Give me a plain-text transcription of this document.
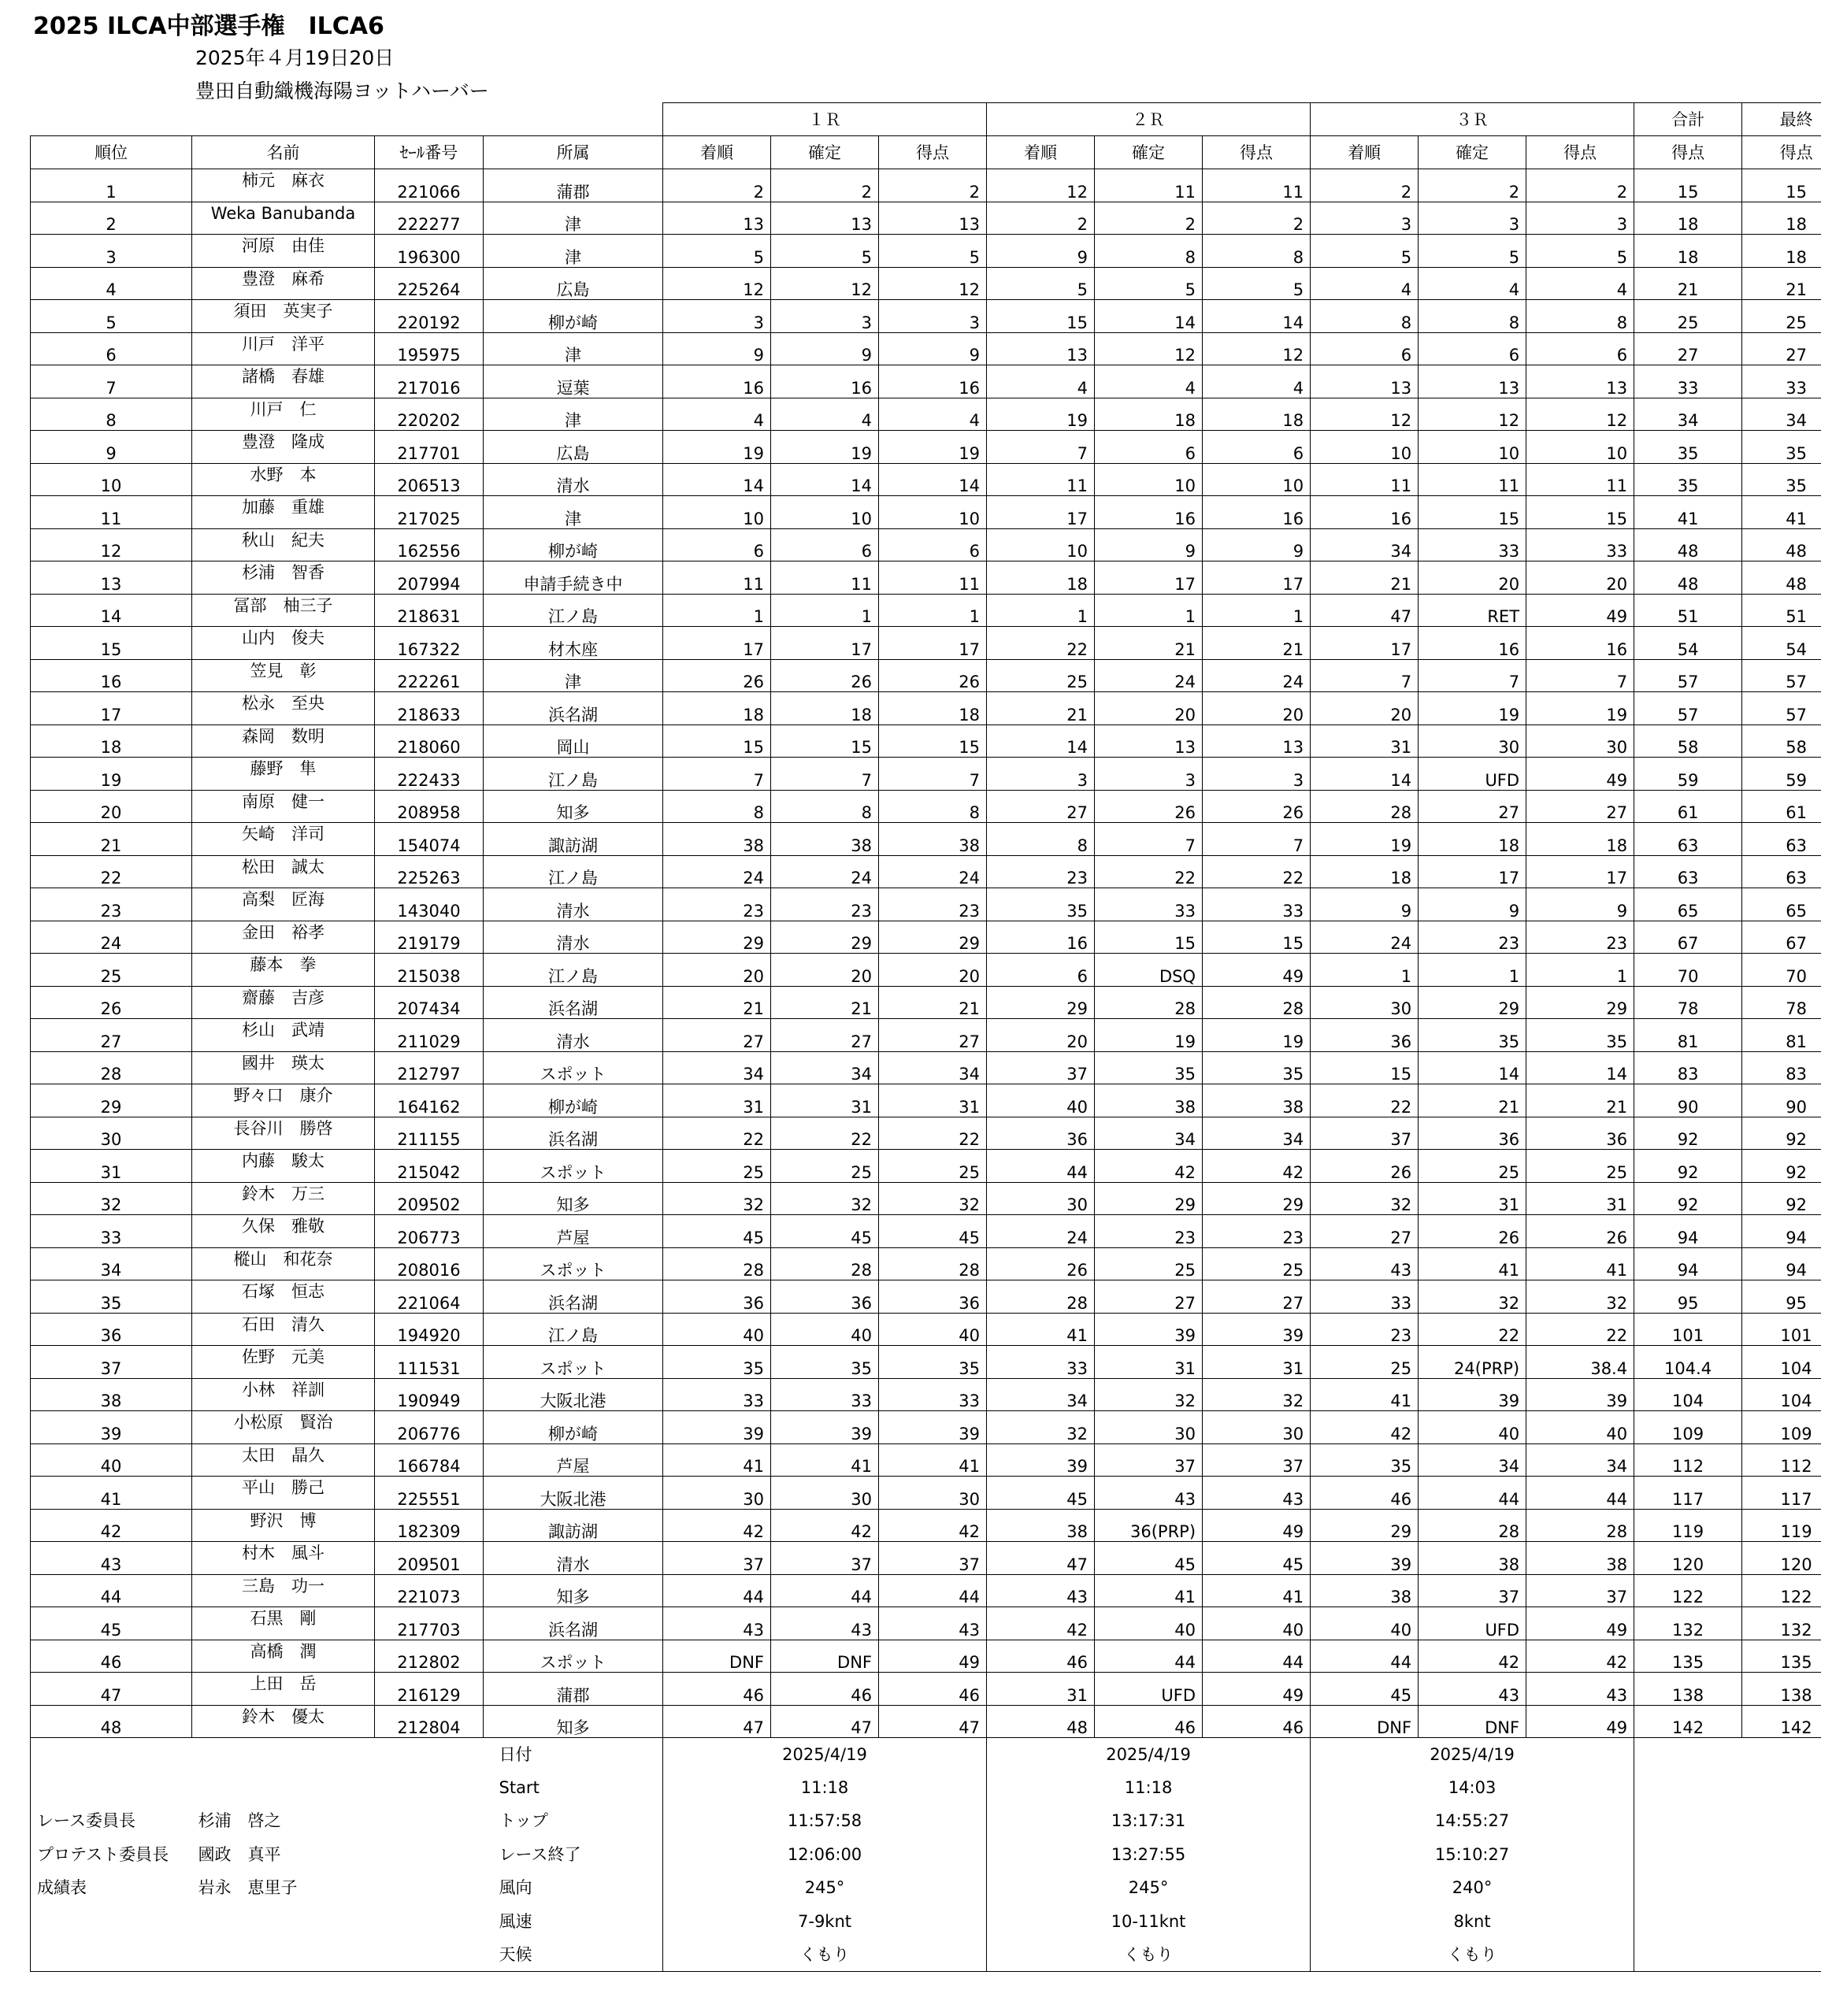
2025 ILCA中部選手権　ILCA6
2025年４月19日20日
豊田自動織機海陽ヨットハーバー
				１Ｒ			２Ｒ			３Ｒ			合計	最終
順位	名前	ｾｰﾙ番号	所属	着順	確定	得点	着順	確定	得点	着順	確定	得点	得点	得点
1	柿元　麻衣	221066	蒲郡	2	2	2	12	11	11	2	2	2	15	15
2	Weka Banubanda	222277	津	13	13	13	2	2	2	3	3	3	18	18
3	河原　由佳	196300	津	5	5	5	9	8	8	5	5	5	18	18
4	豊澄　麻希	225264	広島	12	12	12	5	5	5	4	4	4	21	21
5	須田　英実子	220192	柳が崎	3	3	3	15	14	14	8	8	8	25	25
6	川戸　洋平	195975	津	9	9	9	13	12	12	6	6	6	27	27
7	諸橋　春雄	217016	逗葉	16	16	16	4	4	4	13	13	13	33	33
8	川戸　仁	220202	津	4	4	4	19	18	18	12	12	12	34	34
9	豊澄　隆成	217701	広島	19	19	19	7	6	6	10	10	10	35	35
10	水野　本	206513	清水	14	14	14	11	10	10	11	11	11	35	35
11	加藤　重雄	217025	津	10	10	10	17	16	16	16	15	15	41	41
12	秋山　紀夫	162556	柳が崎	6	6	6	10	9	9	34	33	33	48	48
13	杉浦　智香	207994	申請手続き中	11	11	11	18	17	17	21	20	20	48	48
14	冨部　柚三子	218631	江ノ島	1	1	1	1	1	1	47	RET	49	51	51
15	山内　俊夫	167322	材木座	17	17	17	22	21	21	17	16	16	54	54
16	笠見　彰	222261	津	26	26	26	25	24	24	7	7	7	57	57
17	松永　至央	218633	浜名湖	18	18	18	21	20	20	20	19	19	57	57
18	森岡　数明	218060	岡山	15	15	15	14	13	13	31	30	30	58	58
19	藤野　隼	222433	江ノ島	7	7	7	3	3	3	14	UFD	49	59	59
20	南原　健一	208958	知多	8	8	8	27	26	26	28	27	27	61	61
21	矢崎　洋司	154074	諏訪湖	38	38	38	8	7	7	19	18	18	63	63
22	松田　誠太	225263	江ノ島	24	24	24	23	22	22	18	17	17	63	63
23	高梨　匠海	143040	清水	23	23	23	35	33	33	9	9	9	65	65
24	金田　裕孝	219179	清水	29	29	29	16	15	15	24	23	23	67	67
25	藤本　拳	215038	江ノ島	20	20	20	6	DSQ	49	1	1	1	70	70
26	齋藤　吉彦	207434	浜名湖	21	21	21	29	28	28	30	29	29	78	78
27	杉山　武靖	211029	清水	27	27	27	20	19	19	36	35	35	81	81
28	國井　瑛太	212797	スポット	34	34	34	37	35	35	15	14	14	83	83
29	野々口　康介	164162	柳が崎	31	31	31	40	38	38	22	21	21	90	90
30	長谷川　勝啓	211155	浜名湖	22	22	22	36	34	34	37	36	36	92	92
31	内藤　駿太	215042	スポット	25	25	25	44	42	42	26	25	25	92	92
32	鈴木　万三	209502	知多	32	32	32	30	29	29	32	31	31	92	92
33	久保　雅敬	206773	芦屋	45	45	45	24	23	23	27	26	26	94	94
34	樅山　和花奈	208016	スポット	28	28	28	26	25	25	43	41	41	94	94
35	石塚　恒志	221064	浜名湖	36	36	36	28	27	27	33	32	32	95	95
36	石田　清久	194920	江ノ島	40	40	40	41	39	39	23	22	22	101	101
37	佐野　元美	111531	スポット	35	35	35	33	31	31	25	24(PRP)	38.4	104.4	104
38	小林　祥訓	190949	大阪北港	33	33	33	34	32	32	41	39	39	104	104
39	小松原　賢治	206776	柳が崎	39	39	39	32	30	30	42	40	40	109	109
40	太田　晶久	166784	芦屋	41	41	41	39	37	37	35	34	34	112	112
41	平山　勝己	225551	大阪北港	30	30	30	45	43	43	46	44	44	117	117
42	野沢　博	182309	諏訪湖	42	42	42	38	36(PRP)	49	29	28	28	119	119
43	村木　風斗	209501	清水	37	37	37	47	45	45	39	38	38	120	120
44	三島　功一	221073	知多	44	44	44	43	41	41	38	37	37	122	122
45	石黒　剛	217703	浜名湖	43	43	43	42	40	40	40	UFD	49	132	132
46	高橋　潤	212802	スポット	DNF	DNF	49	46	44	44	44	42	42	135	135
47	上田　岳	216129	蒲郡	46	46	46	31	UFD	49	45	43	43	138	138
48	鈴木　優太	212804	知多	47	47	47	48	46	46	DNF	DNF	49	142	142
			日付	2025/4/19			2025/4/19			2025/4/19				
			Start	11:18			11:18			14:03				
レース委員長	杉浦　啓之		トップ	11:57:58			13:17:31			14:55:27				
プロテスト委員長	國政　真平		レース終了	12:06:00			13:27:55			15:10:27				
成績表	岩永　恵里子		風向	245°			245°			240°				
			風速	7-9knt			10-11knt			8knt				
			天候	くもり			くもり			くもり				
